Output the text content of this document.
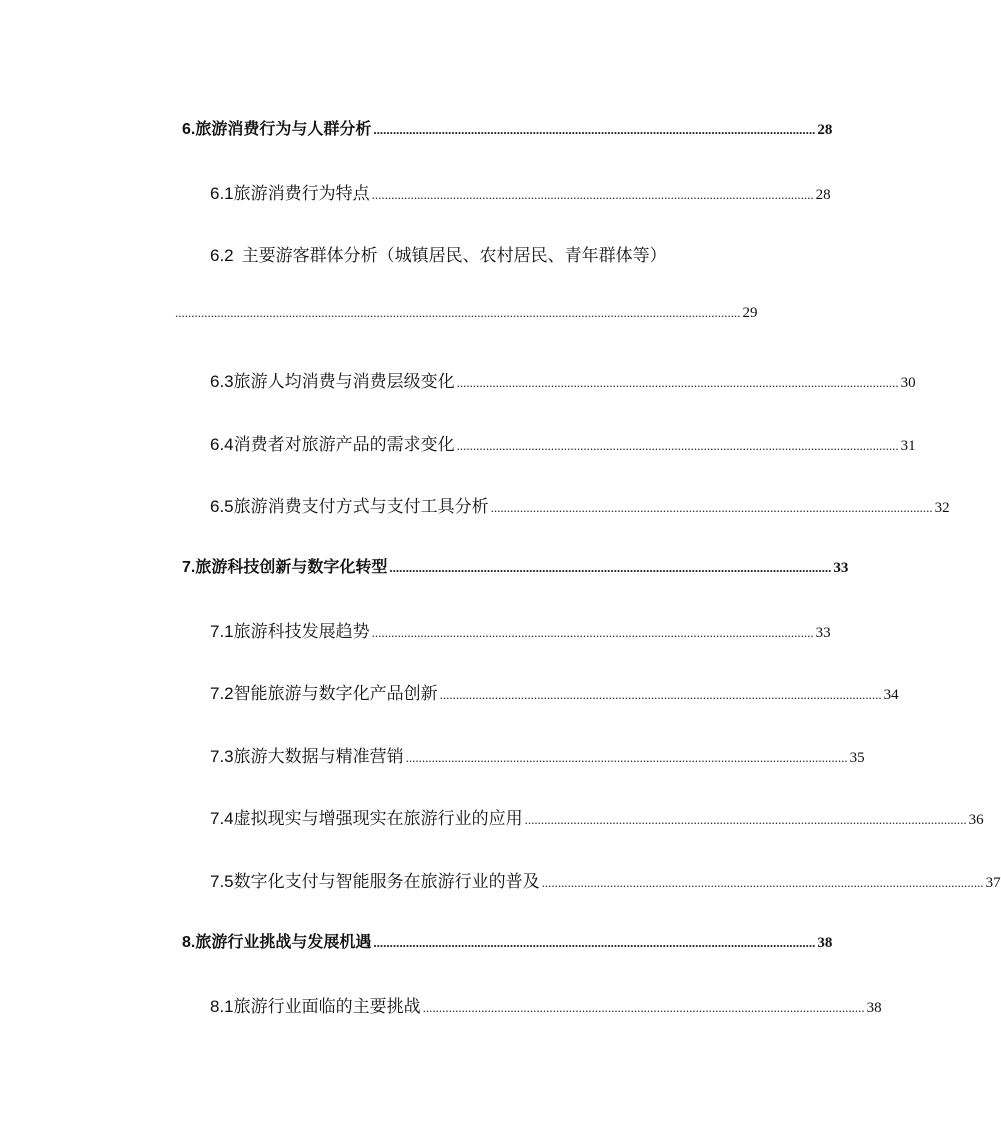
6. 旅游消费行为与人群分析 ........................................................................................................................................ 28
6.1 旅游消费行为特点 ........................................................................................................................................ 28
6.2 主要游客群体分析（城镇居民、农村居民、青年群体等）
.............................................................................................................................................................................. 29
6.3 旅游人均消费与消费层级变化 ........................................................................................................................................ 30
6.4 消费者对旅游产品的需求变化 ........................................................................................................................................ 31
6.5 旅游消费支付方式与支付工具分析 ........................................................................................................................................ 32
7. 旅游科技创新与数字化转型 ........................................................................................................................................ 33
7.1 旅游科技发展趋势 ........................................................................................................................................ 33
7.2 智能旅游与数字化产品创新 ........................................................................................................................................ 34
7.3 旅游大数据与精准营销 ........................................................................................................................................ 35
7.4 虚拟现实与增强现实在旅游行业的应用 ........................................................................................................................................ 36
7.5 数字化支付与智能服务在旅游行业的普及 ........................................................................................................................................ 37
8. 旅游行业挑战与发展机遇 ........................................................................................................................................ 38
8.1 旅游行业面临的主要挑战 ........................................................................................................................................ 38
